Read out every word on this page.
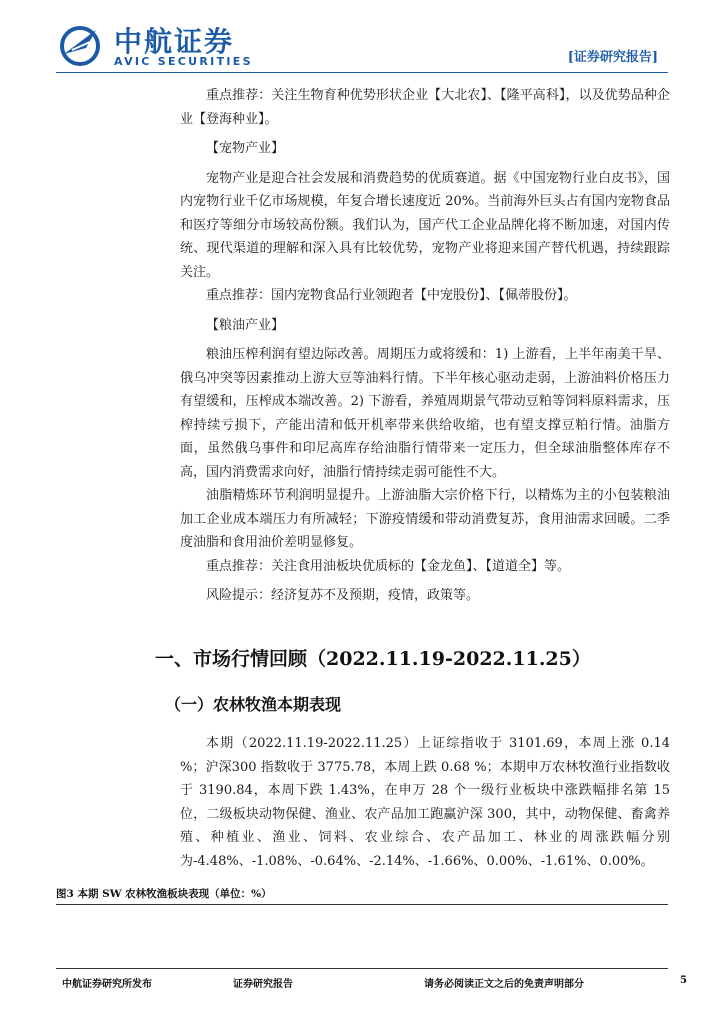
中航证券
AVIC SECURITIES	[证券研究报告]

重点推荐：关注生物育种优势形状企业【大北农】、【隆平高科】，以及优势品种企业【登海种业】。

【宠物产业】

宠物产业是迎合社会发展和消费趋势的优质赛道。据《中国宠物行业白皮书》，国内宠物行业千亿市场规模，年复合增长速度近 20%。当前海外巨头占有国内宠物食品和医疗等细分市场较高份额。我们认为，国产代工企业品牌化将不断加速，对国内传统、现代渠道的理解和深入具有比较优势，宠物产业将迎来国产替代机遇，持续跟踪关注。

重点推荐：国内宠物食品行业领跑者【中宠股份】、【佩蒂股份】。

【粮油产业】

粮油压榨利润有望边际改善。周期压力或将缓和：1) 上游看，上半年南美干旱、俄乌冲突等因素推动上游大豆等油料行情。下半年核心驱动走弱，上游油料价格压力有望缓和，压榨成本端改善。2) 下游看，养殖周期景气带动豆粕等饲料原料需求，压榨持续亏损下，产能出清和低开机率带来供给收缩，也有望支撑豆粕行情。油脂方面，虽然俄乌事件和印尼高库存给油脂行情带来一定压力，但全球油脂整体库存不高，国内消费需求向好，油脂行情持续走弱可能性不大。

油脂精炼环节利润明显提升。上游油脂大宗价格下行，以精炼为主的小包装粮油加工企业成本端压力有所减轻；下游疫情缓和带动消费复苏，食用油需求回暖。二季度油脂和食用油价差明显修复。

重点推荐：关注食用油板块优质标的【金龙鱼】、【道道全】等。

风险提示：经济复苏不及预期，疫情，政策等。

一、市场行情回顾（2022.11.19-2022.11.25）
（一）农林牧渔本期表现

本期（2022.11.19-2022.11.25）上证综指收于 3101.69，本周上涨 0.14 %；沪深300 指数收于 3775.78，本周上跌 0.68 %；本期申万农林牧渔行业指数收于 3190.84，本周下跌 1.43%，在申万 28 个一级行业板块中涨跌幅排名第 15 位，二级板块动物保健、渔业、农产品加工跑赢沪深 300，其中，动物保健、畜禽养殖、种植业、渔业、饲料、农业综合、农产品加工、林业的周涨跌幅分别为-4.48%、-1.08%、-0.64%、-2.14%、-1.66%、0.00%、-1.61%、0.00%。

图3 本期 SW 农林牧渔板块表现（单位：%）
中航证券研究所发布	证券研究报告	请务必阅读正文之后的免责声明部分	5
